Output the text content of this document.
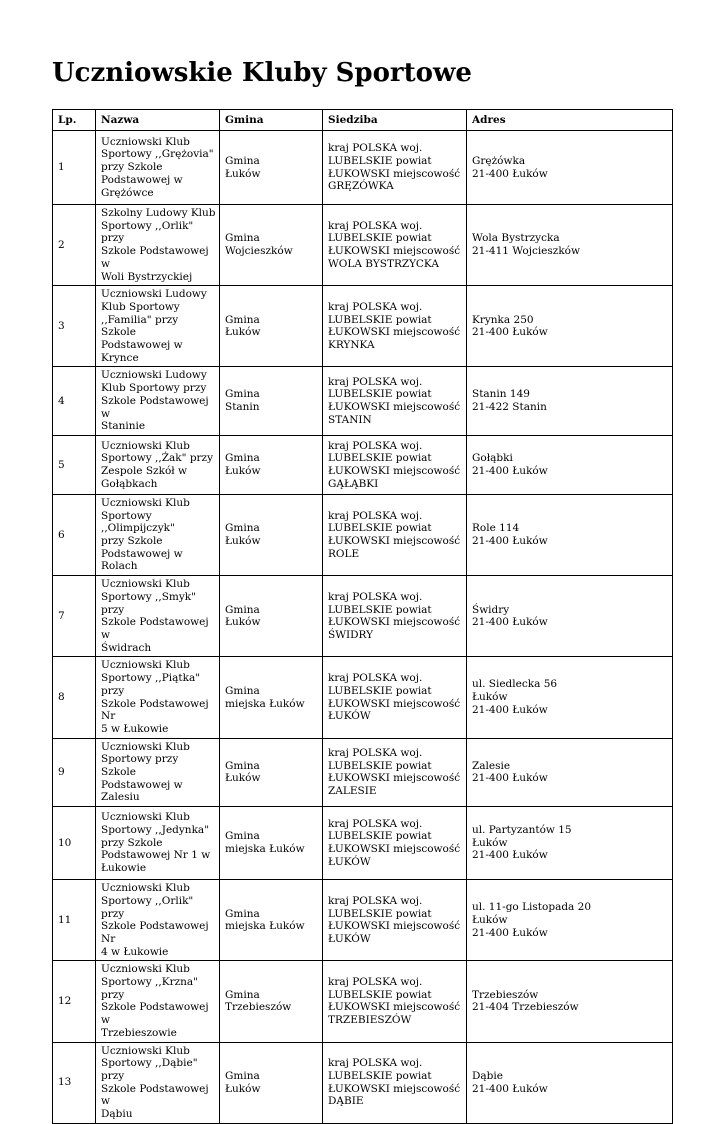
Uczniowskie Kluby Sportowe
Lp.	Nazwa	Gmina	Siedziba	Adres
1	Uczniowski Klub
Sportowy ,,Grężovia"
przy Szkole
Podstawowej w
Grężówce	Gmina
Łuków	kraj POLSKA woj.
LUBELSKIE powiat
ŁUKOWSKI miejscowość
GRĘZÓWKA	Grężówka
21-400 Łuków
2	Szkolny Ludowy Klub
Sportowy ,,Orlik" przy
Szkole Podstawowej w
Woli Bystrzyckiej	Gmina
Wojcieszków	kraj POLSKA woj.
LUBELSKIE powiat
ŁUKOWSKI miejscowość
WOLA BYSTRZYCKA	Wola Bystrzycka
21-411 Wojcieszków
3	Uczniowski Ludowy
Klub Sportowy
,,Familia" przy Szkole
Podstawowej w Krynce	Gmina
Łuków	kraj POLSKA woj.
LUBELSKIE powiat
ŁUKOWSKI miejscowość
KRYNKA	Krynka 250
21-400 Łuków
4	Uczniowski Ludowy
Klub Sportowy przy
Szkole Podstawowej w
Staninie	Gmina
Stanin	kraj POLSKA woj.
LUBELSKIE powiat
ŁUKOWSKI miejscowość
STANIN	Stanin 149
21-422 Stanin
5	Uczniowski Klub
Sportowy ,,Żak" przy
Zespole Szkół w
Gołąbkach	Gmina
Łuków	kraj POLSKA woj.
LUBELSKIE powiat
ŁUKOWSKI miejscowość
GĄŁĄBKI	Gołąbki
21-400 Łuków
6	Uczniowski Klub
Sportowy ,,Olimpijczyk"
przy Szkole
Podstawowej w Rolach	Gmina
Łuków	kraj POLSKA woj.
LUBELSKIE powiat
ŁUKOWSKI miejscowość
ROLE	Role 114
21-400 Łuków
7	Uczniowski Klub
Sportowy ,,Smyk" przy
Szkole Podstawowej w
Świdrach	Gmina
Łuków	kraj POLSKA woj.
LUBELSKIE powiat
ŁUKOWSKI miejscowość
ŚWIDRY	Świdry
21-400 Łuków
8	Uczniowski Klub
Sportowy ,,Piątka" przy
Szkole Podstawowej Nr
5 w Łukowie	Gmina
miejska Łuków	kraj POLSKA woj.
LUBELSKIE powiat
ŁUKOWSKI miejscowość
ŁUKÓW	ul. Siedlecka 56
Łuków
21-400 Łuków
9	Uczniowski Klub
Sportowy przy Szkole
Podstawowej w Zalesiu	Gmina
Łuków	kraj POLSKA woj.
LUBELSKIE powiat
ŁUKOWSKI miejscowość
ZALESIE	Zalesie
21-400 Łuków
10	Uczniowski Klub
Sportowy ,,Jedynka"
przy Szkole
Podstawowej Nr 1 w
Łukowie	Gmina
miejska Łuków	kraj POLSKA woj.
LUBELSKIE powiat
ŁUKOWSKI miejscowość
ŁUKÓW	ul. Partyzantów 15
Łuków
21-400 Łuków
11	Uczniowski Klub
Sportowy ,,Orlik" przy
Szkole Podstawowej Nr
4 w Łukowie	Gmina
miejska Łuków	kraj POLSKA woj.
LUBELSKIE powiat
ŁUKOWSKI miejscowość
ŁUKÓW	ul. 11-go Listopada 20
Łuków
21-400 Łuków
12	Uczniowski Klub
Sportowy ,,Krzna" przy
Szkole Podstawowej w
Trzebieszowie	Gmina
Trzebieszów	kraj POLSKA woj.
LUBELSKIE powiat
ŁUKOWSKI miejscowość
TRZEBIESZÓW	Trzebieszów
21-404 Trzebieszów
13	Uczniowski Klub
Sportowy ,,Dąbie" przy
Szkole Podstawowej w
Dąbiu	Gmina
Łuków	kraj POLSKA woj.
LUBELSKIE powiat
ŁUKOWSKI miejscowość
DĄBIE	Dąbie
21-400 Łuków
